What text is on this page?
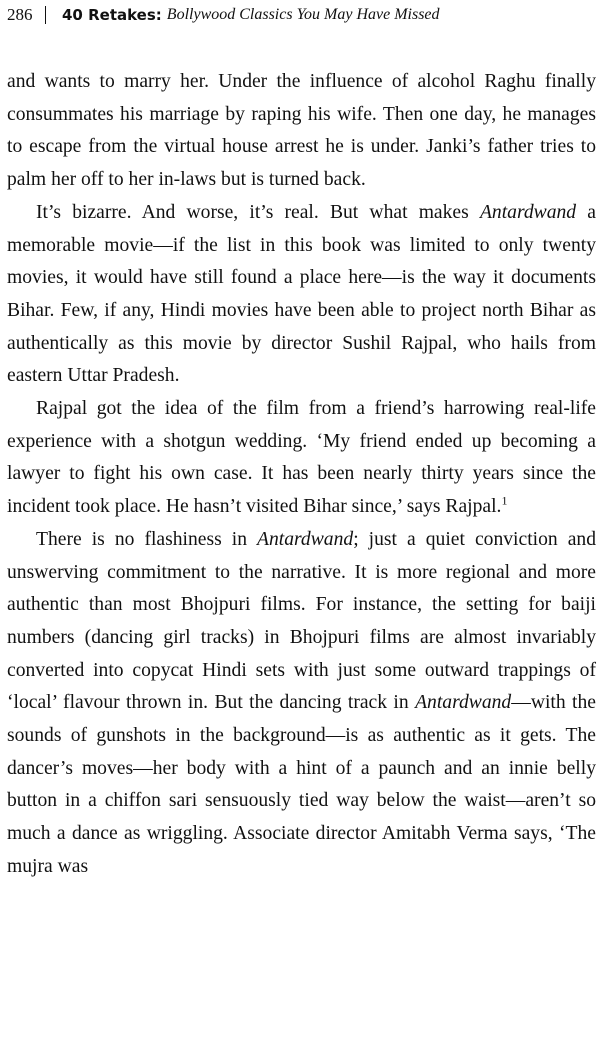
286 40 Retakes: Bollywood Classics You May Have Missed

and wants to marry her. Under the influence of alcohol Raghu finally consummates his marriage by raping his wife. Then one day, he manages to escape from the virtual house arrest he is under. Janki’s father tries to palm her off to her in-laws but is turned back.

It’s bizarre. And worse, it’s real. But what makes Antardwand a memorable movie—if the list in this book was limited to only twenty movies, it would have still found a place here—is the way it documents Bihar. Few, if any, Hindi movies have been able to project north Bihar as authentically as this movie by director Sushil Rajpal, who hails from eastern Uttar Pradesh.

Rajpal got the idea of the film from a friend’s harrowing real-life experience with a shotgun wedding. ‘My friend ended up becoming a lawyer to fight his own case. It has been nearly thirty years since the incident took place. He hasn’t visited Bihar since,’ says Rajpal.$^1$

There is no flashiness in Antardwand; just a quiet conviction and unswerving commitment to the narrative. It is more regional and more authentic than most Bhojpuri films. For instance, the setting for baiji numbers (dancing girl tracks) in Bhojpuri films are almost invariably converted into copycat Hindi sets with just some outward trappings of ‘local’ flavour thrown in. But the dancing track in Antardwand—with the sounds of gunshots in the background—is as authentic as it gets. The dancer’s moves—her body with a hint of a paunch and an innie belly button in a chiffon sari sensuously tied way below the waist—aren’t so much a dance as wriggling. Associate director Amitabh Verma says, ‘The mujra was
